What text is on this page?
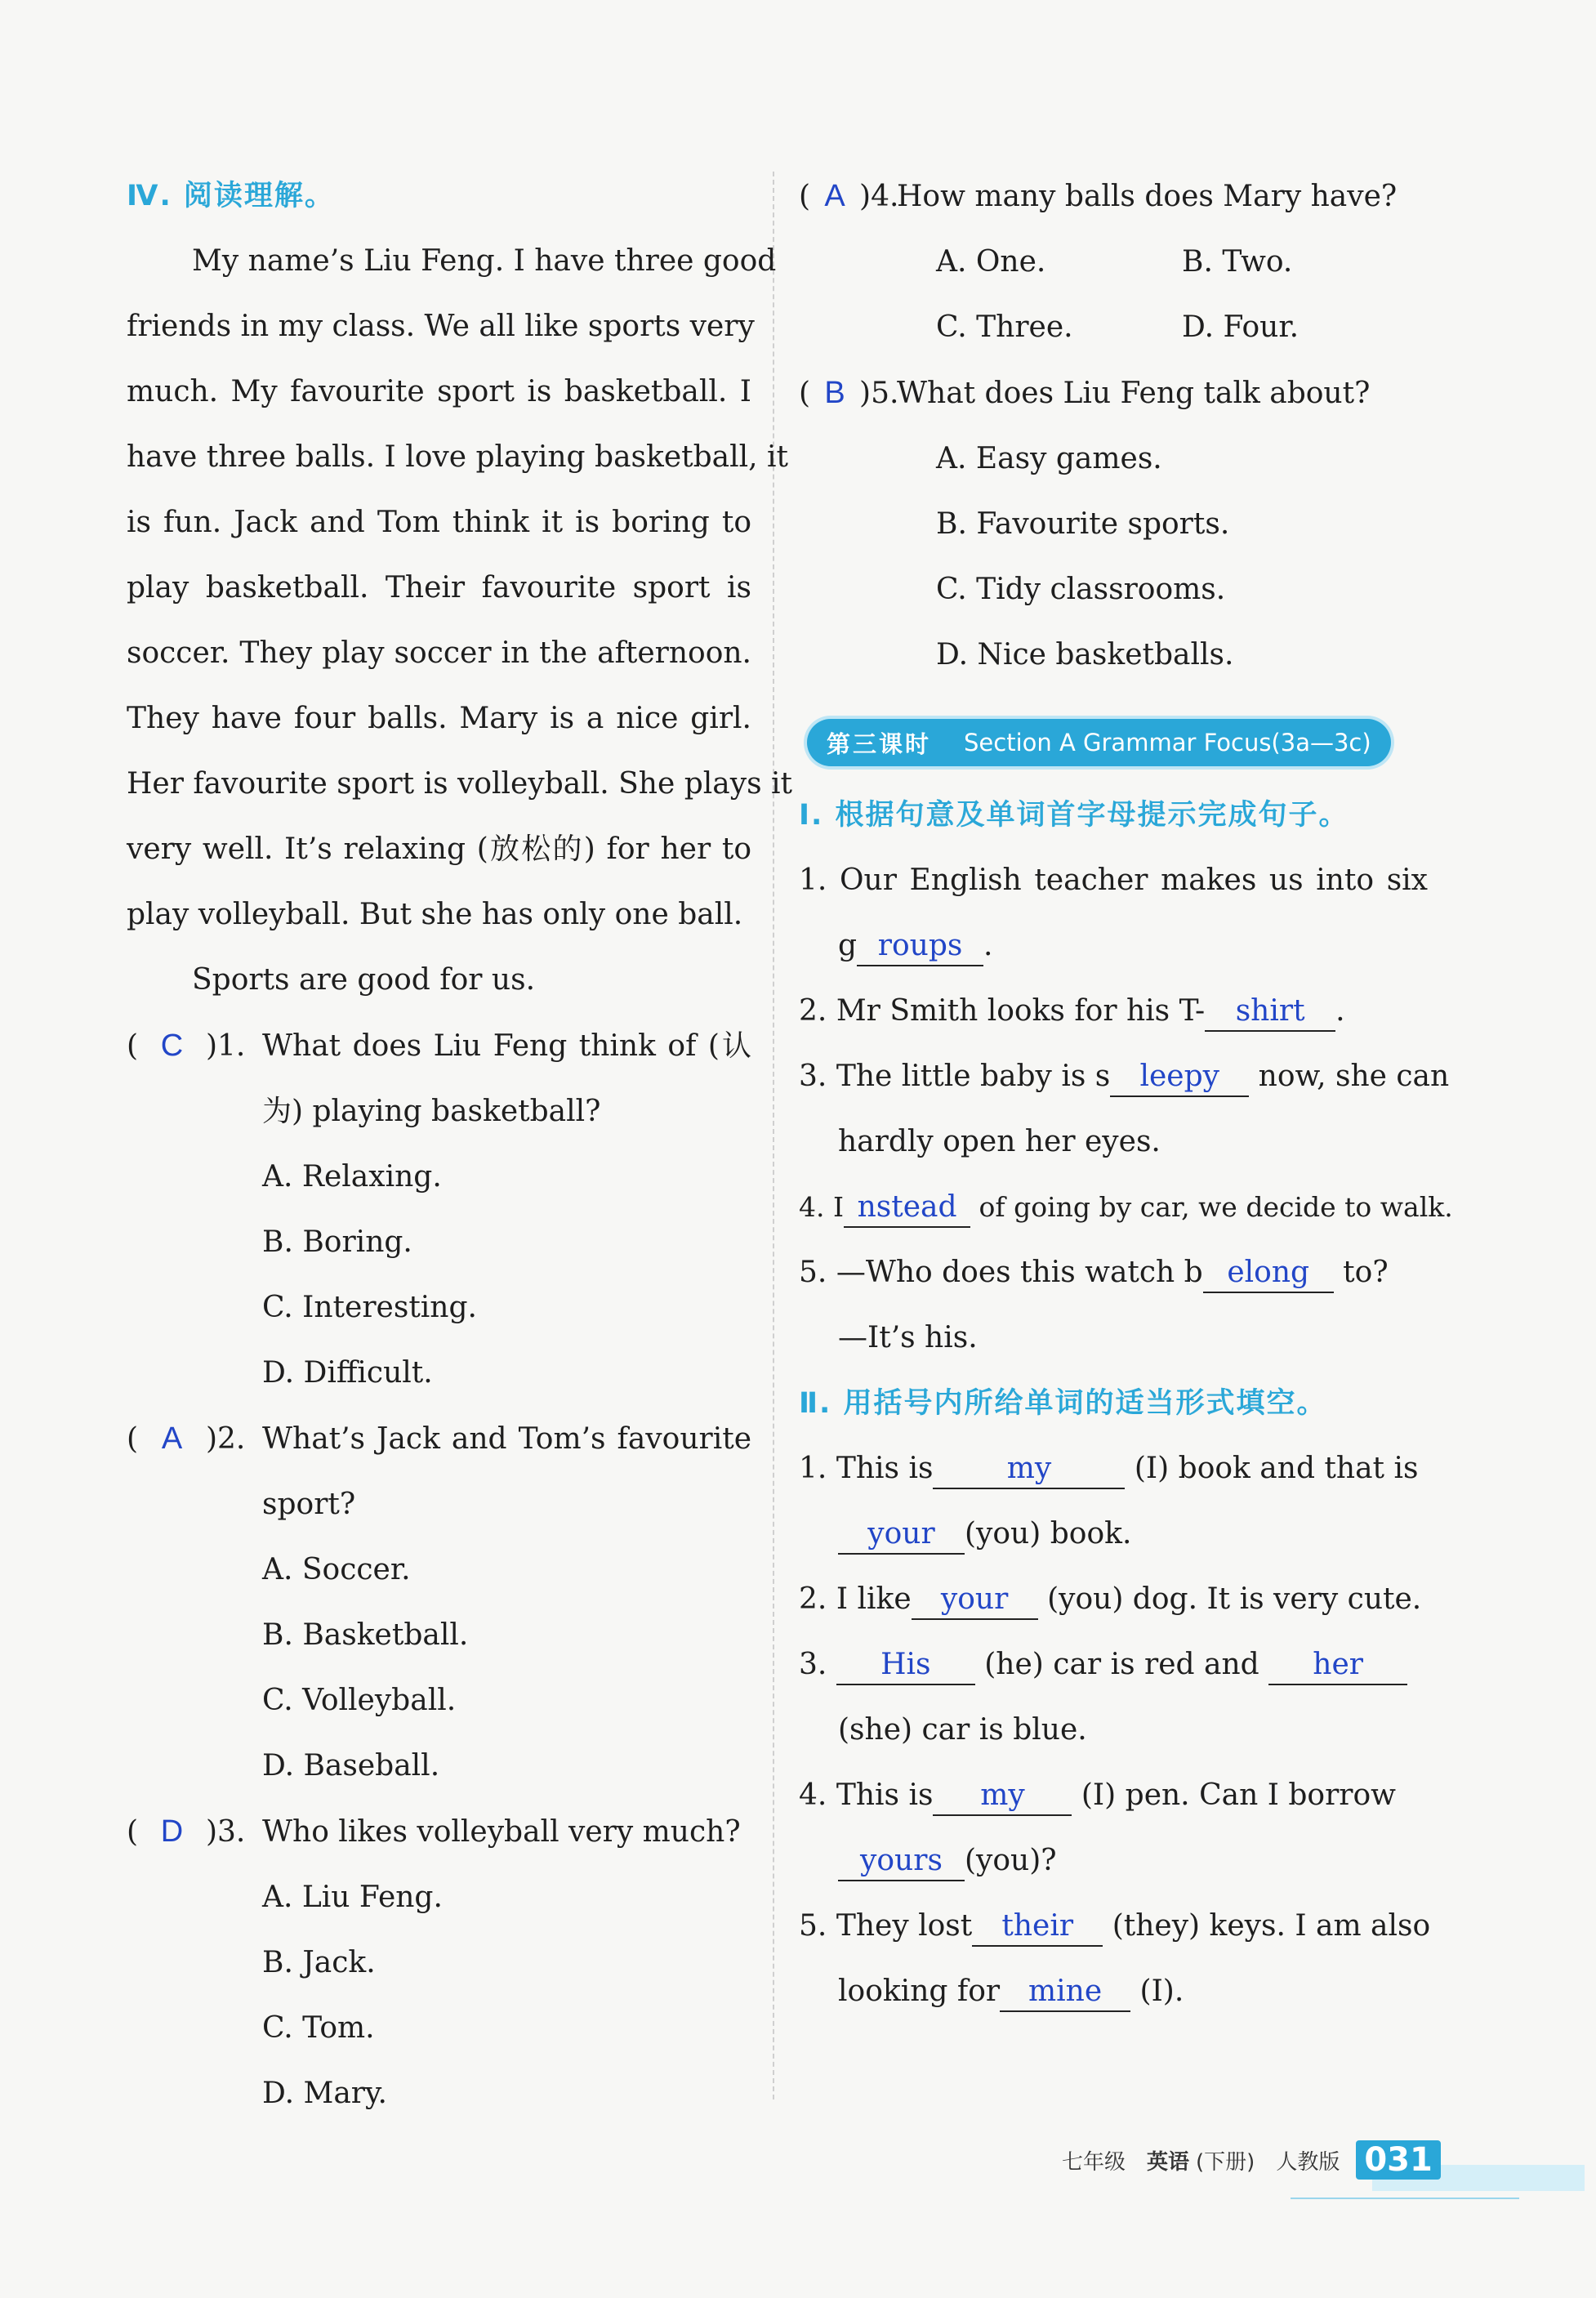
Ⅳ. 阅读理解。
My name’s Liu Feng. I have three good
friends in my class. We all like sports very
much. My favourite sport is basketball. I
have three balls. I love playing basketball, it
is fun. Jack and Tom think it is boring to
play basketball. Their favourite sport is
soccer. They play soccer in the afternoon.
They have four balls. Mary is a nice girl.
Her favourite sport is volleyball. She plays it
very well. It’s relaxing (放松的) for her to
play volleyball. But she has only one ball.
Sports are good for us.
( C )1. What does Liu Feng think of (认
为) playing basketball?
A. Relaxing.
B. Boring.
C. Interesting.
D. Difficult.
( A )2. What’s Jack and Tom’s favourite
sport?
A. Soccer.
B. Basketball.
C. Volleyball.
D. Baseball.
( D )3. Who likes volleyball very much?
A. Liu Feng.
B. Jack.
C. Tom.
D. Mary.
( A )4.
How many balls does Mary have?
A. One.	B. Two.
C. Three.	D. Four.
( B )5.
What does Liu Feng talk about?
A. Easy games.
B. Favourite sports.
C. Tidy classrooms.
D. Nice basketballs.
第三课时 Section A Grammar Focus(3a—3c)
Ⅰ. 根据句意及单词首字母提示完成句子。
1. Our English teacher makes us into six
g roups .
2. Mr Smith looks for his T- shirt .
3. The little baby is s leepy now, she can
hardly open her eyes.
4. I nstead of going by car, we decide to walk.
5. —Who does this watch b elong to?
—It’s his.
Ⅱ. 用括号内所给单词的适当形式填空。
1. This is	my	(I) book and that is
your (you) book.
2. I like your (you) dog. It is very cute.
3. His (he) car is red and her
(she) car is blue.
4. This is my (I) pen. Can I borrow
yours (you)?
5. They lost their (they) keys. I am also
looking for mine (I).
七年级 英语 (下册) 人教版 031
